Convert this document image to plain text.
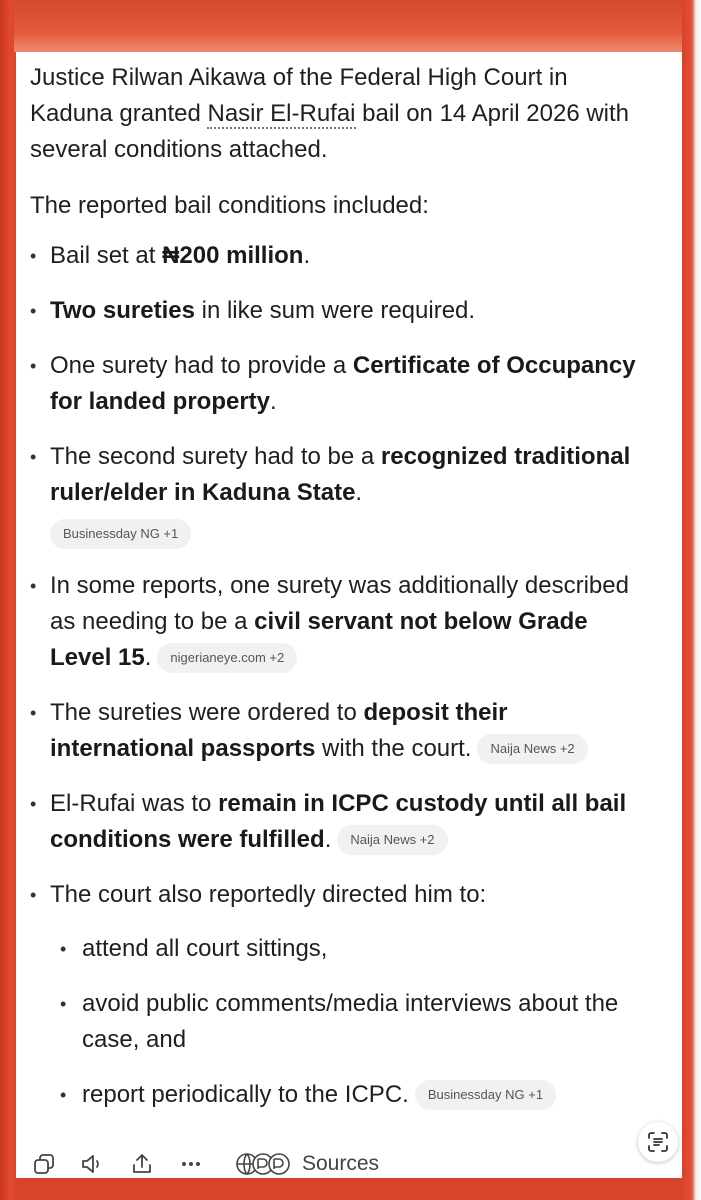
Justice Rilwan Aikawa of the Federal High Court in Kaduna granted Nasir El-Rufai bail on 14 April 2026 with several conditions attached.

The reported bail conditions included:

• Bail set at ₦200 million.
• Two sureties in like sum were required.
• One surety had to provide a Certificate of Occupancy for landed property.
• The second surety had to be a recognized traditional ruler/elder in Kaduna State.
Businessday NG +1
• In some reports, one surety was additionally described as needing to be a civil servant not below Grade Level 15. nigerianeye.com +2
• The sureties were ordered to deposit their international passports with the court. Naija News +2
• El-Rufai was to remain in ICPC custody until all bail conditions were fulfilled. Naija News +2
• The court also reportedly directed him to:
• attend all court sittings,
• avoid public comments/media interviews about the case, and
• report periodically to the ICPC. Businessday NG +1
Sources
